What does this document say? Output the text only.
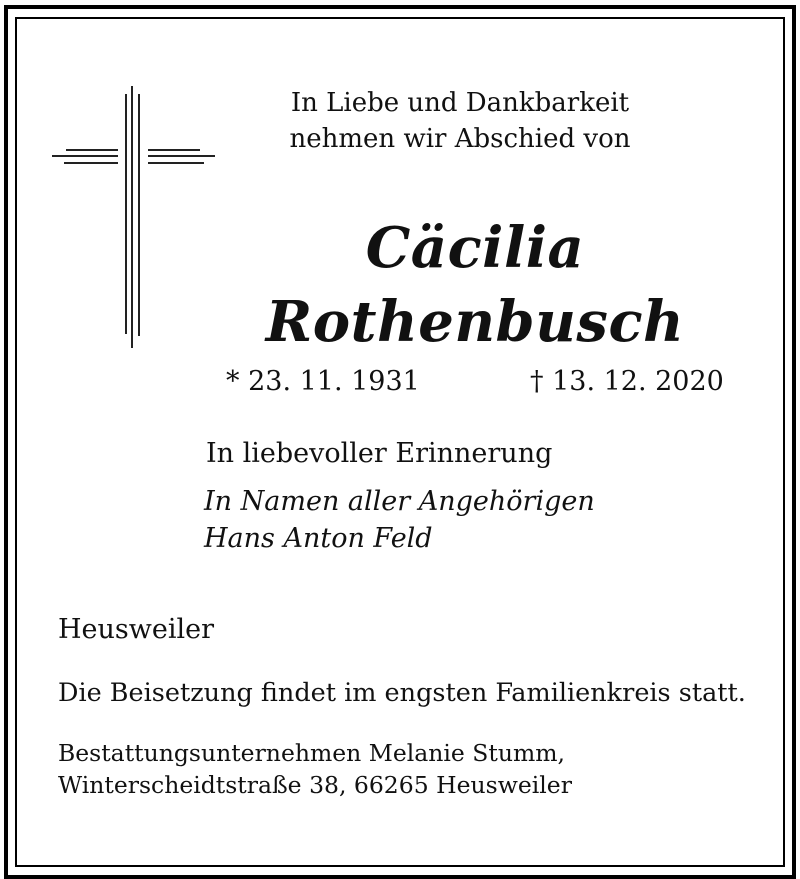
In Liebe und Dankbarkeit
nehmen wir Abschied von
Cäcilia
Rothenbusch
* 23. 11. 1931	† 13. 12. 2020
In liebevoller Erinnerung
In Namen aller Angehörigen
Hans Anton Feld
Heusweiler
Die Beisetzung findet im engsten Familienkreis statt.
Bestattungsunternehmen Melanie Stumm,
Winterscheidtstraße 38, 66265 Heusweiler
